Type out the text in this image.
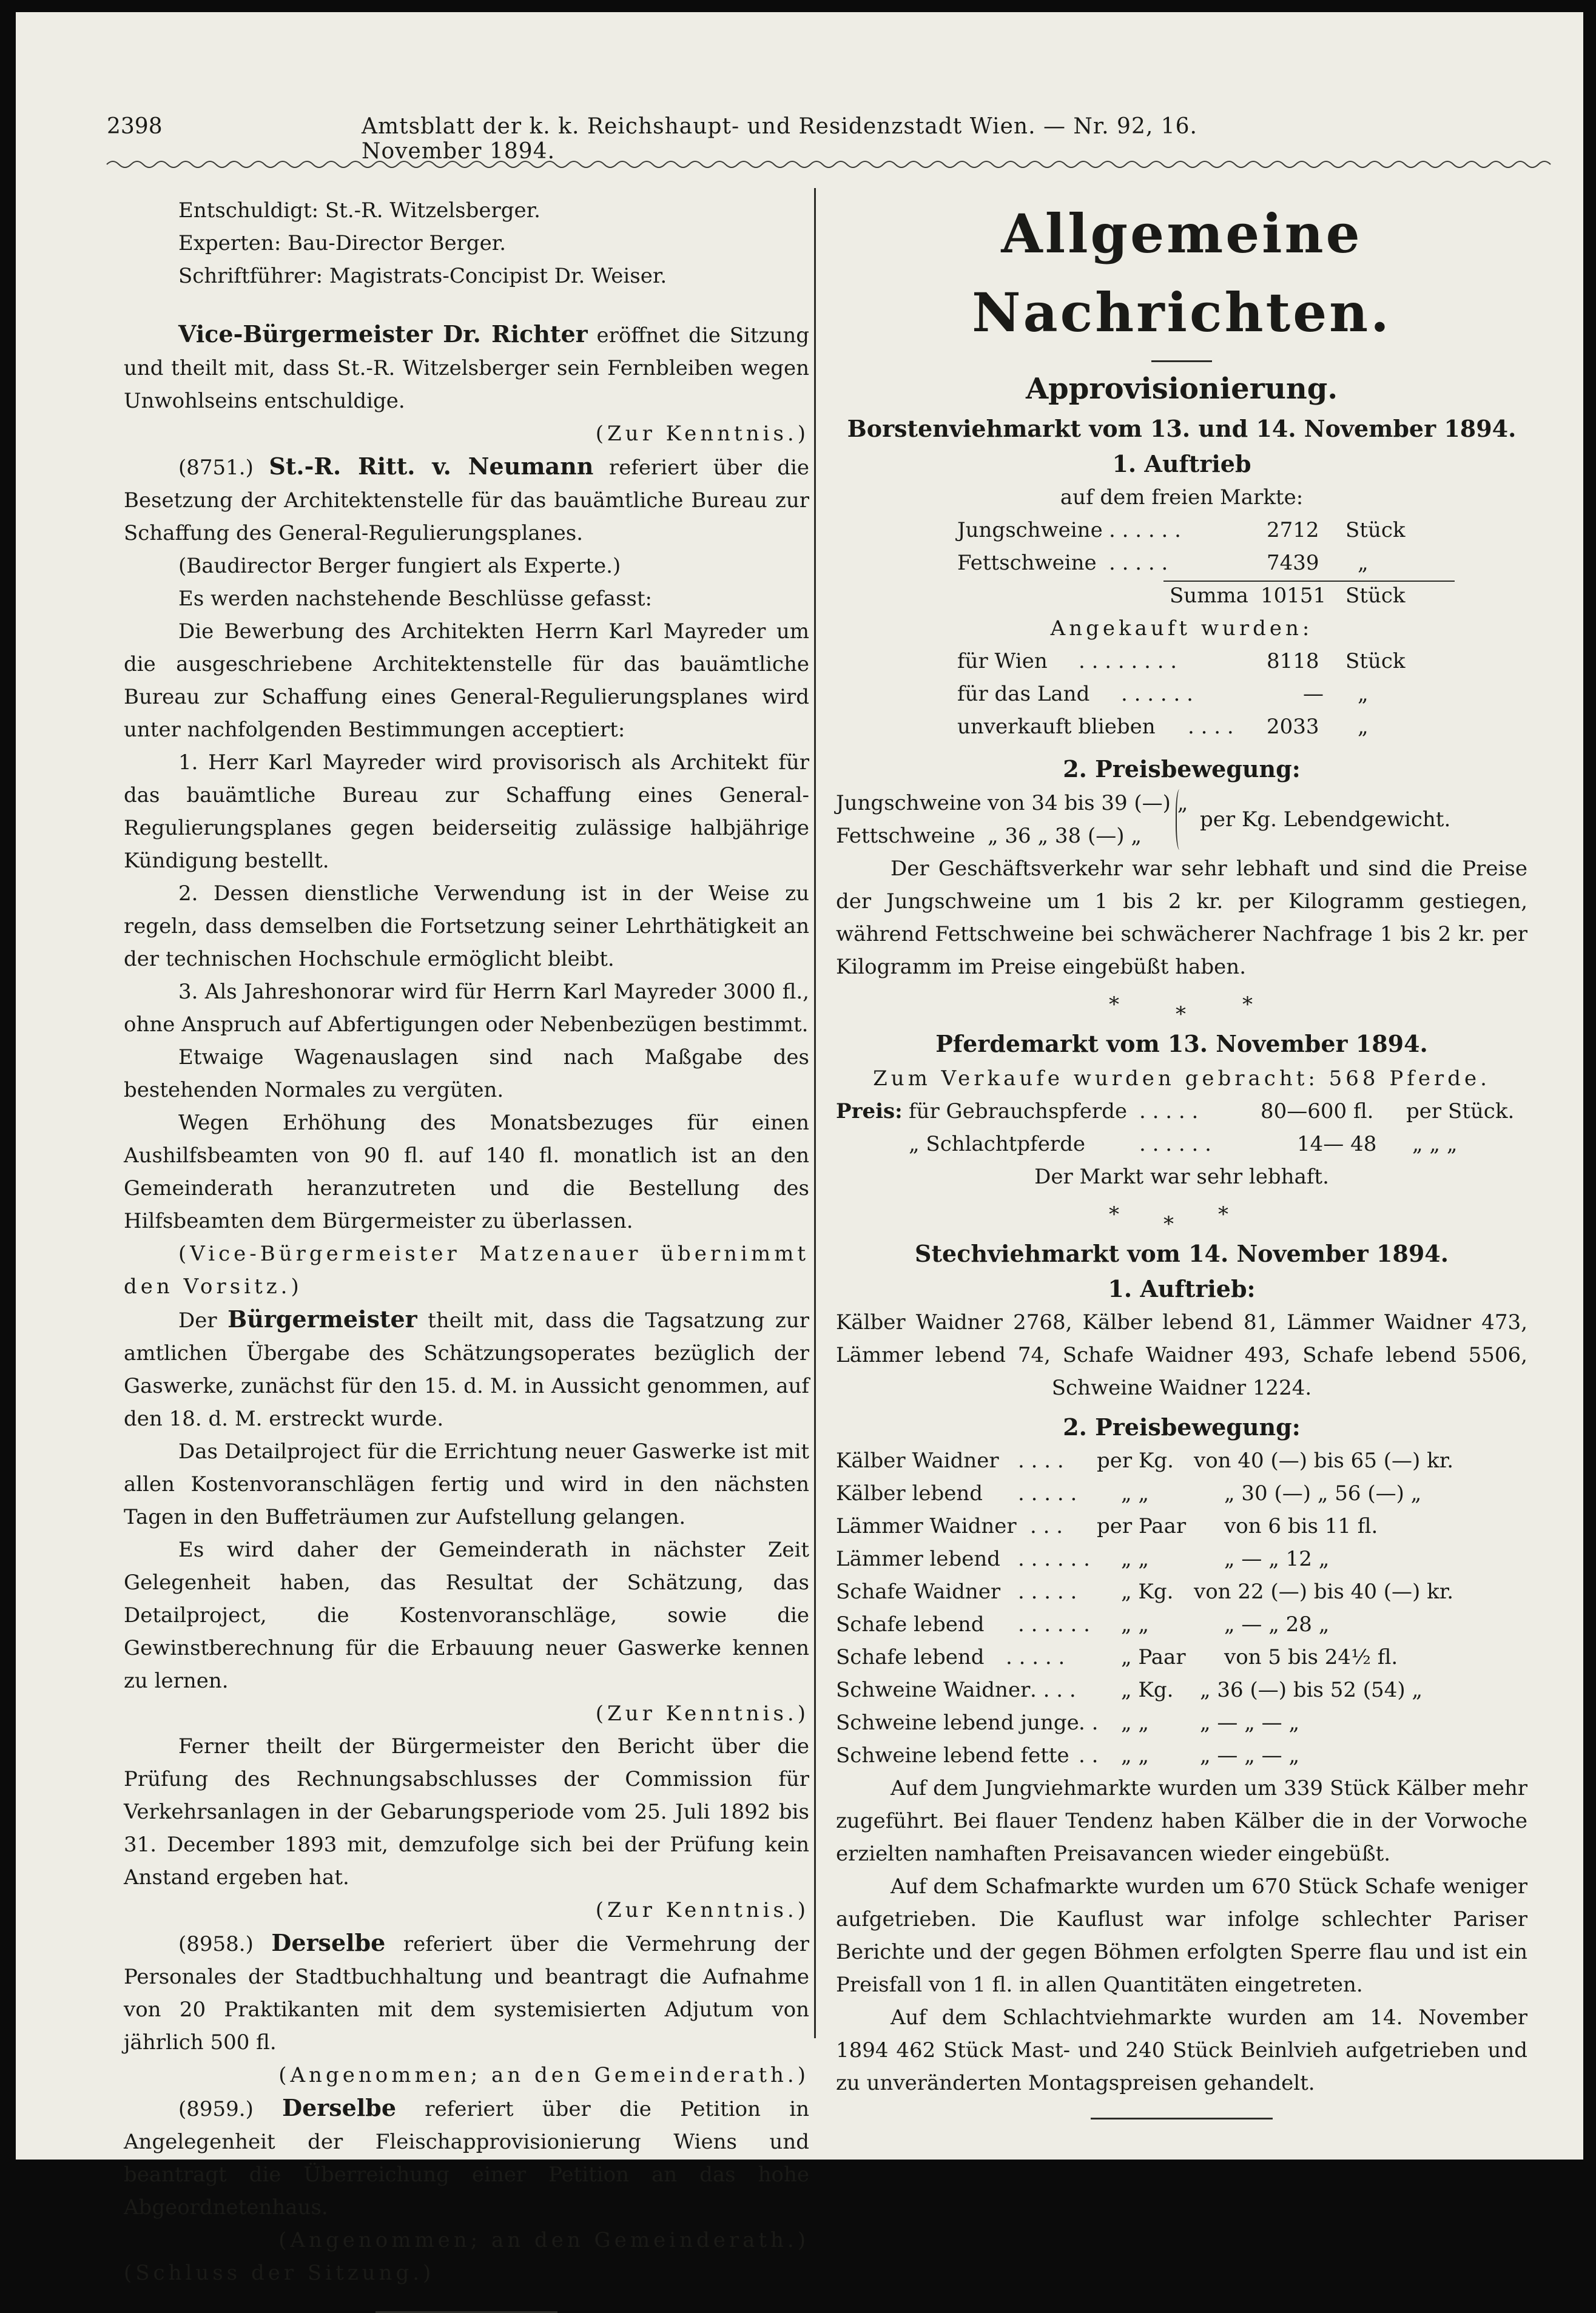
2398	Amtsblatt der k. k. Reichshaupt- und Residenzstadt Wien. — Nr. 92, 16. November 1894.

Entschuldigt: St.-R. Witzelsberger.

Experten: Bau-Director Berger.

Schriftführer: Magistrats-Concipist Dr. Weiser.

Vice-Bürgermeister Dr. Richter eröffnet die Sitzung und theilt mit, dass St.-R. Witzelsberger sein Fernbleiben wegen Unwohlseins entschuldige.

(Zur Kenntnis.)

(8751.) St.-R. Ritt. v. Neumann referiert über die Besetzung der Architektenstelle für das bauämtliche Bureau zur Schaffung des General-Regulierungsplanes.

(Baudirector Berger fungiert als Experte.)

Es werden nachstehende Beschlüsse gefasst:

Die Bewerbung des Architekten Herrn Karl Mayreder um die ausgeschriebene Architektenstelle für das bauämtliche Bureau zur Schaffung eines General-Regulierungsplanes wird unter nachfolgenden Bestimmungen acceptiert:

1. Herr Karl Mayreder wird provisorisch als Architekt für das bauämtliche Bureau zur Schaffung eines General-Regulierungsplanes gegen beiderseitig zulässige halbjährige Kündigung bestellt.

2. Dessen dienstliche Verwendung ist in der Weise zu regeln, dass demselben die Fortsetzung seiner Lehrthätigkeit an der technischen Hochschule ermöglicht bleibt.

3. Als Jahreshonorar wird für Herrn Karl Mayreder 3000 fl., ohne Anspruch auf Abfertigungen oder Nebenbezügen bestimmt.

Etwaige Wagenauslagen sind nach Maßgabe des bestehenden Normales zu vergüten.

Wegen Erhöhung des Monatsbezuges für einen Aushilfsbeamten von 90 fl. auf 140 fl. monatlich ist an den Gemeinderath heranzutreten und die Bestellung des Hilfsbeamten dem Bürgermeister zu überlassen.

(Vice-Bürgermeister Matzenauer übernimmt den Vorsitz.)

Der Bürgermeister theilt mit, dass die Tagsatzung zur amtlichen Übergabe des Schätzungsoperates bezüglich der Gaswerke, zunächst für den 15. d. M. in Aussicht genommen, auf den 18. d. M. erstreckt wurde.

Das Detailproject für die Errichtung neuer Gaswerke ist mit allen Kostenvoranschlägen fertig und wird in den nächsten Tagen in den Buffeträumen zur Aufstellung gelangen.

Es wird daher der Gemeinderath in nächster Zeit Gelegenheit haben, das Resultat der Schätzung, das Detailproject, die Kostenvoranschläge, sowie die Gewinstberechnung für die Erbauung neuer Gaswerke kennen zu lernen.

(Zur Kenntnis.)

Ferner theilt der Bürgermeister den Bericht über die Prüfung des Rechnungsabschlusses der Commission für Verkehrsanlagen in der Gebarungsperiode vom 25. Juli 1892 bis 31. December 1893 mit, demzufolge sich bei der Prüfung kein Anstand ergeben hat.

(Zur Kenntnis.)

(8958.) Derselbe referiert über die Vermehrung der Personales der Stadtbuchhaltung und beantragt die Aufnahme von 20 Praktikanten mit dem systemisierten Adjutum von jährlich 500 fl.

(Angenommen; an den Gemeinderath.)

(8959.) Derselbe referiert über die Petition in Angelegenheit der Fleischapprovisionierung Wiens und beantragt die Überreichung einer Petition an das hohe Abgeordnetenhaus.

(Angenommen; an den Gemeinderath.)

(Schluss der Sitzung.)

Allgemeine Nachrichten.
Approvisionierung.
Borstenviehmarkt vom 13. und 14. November 1894.
1. Auftrieb

auf dem freien Markte:

Jungschweine . . . . . .	2712 Stück
Fettschweine . . . . .	7439 „
Summa 10151 Stück

Angekauft wurden:

für Wien . . . . . . . .	8118 Stück
für das Land . . . . . .	— „
unverkauft blieben . . . . 2033 „
2. Preisbewegung:
Jungschweine von 34 bis 39 (—) „
Fettschweine „ 36 „ 38 (—) „
per Kg. Lebendgewicht.

Der Geschäftsverkehr war sehr lebhaft und sind die Preise der Jungschweine um 1 bis 2 kr. per Kilogramm gestiegen, während Fettschweine bei schwächerer Nachfrage 1 bis 2 kr. per Kilogramm im Preise eingebüßt haben.

*	*	*
Pferdemarkt vom 13. November 1894.

Zum Verkaufe wurden gebracht: 568 Pferde.

Preis: für Gebrauchspferde . . . . .	80—600 fl. per Stück.
„ Schlachtpferde	. . . . . .	14— 48 „ „ „

Der Markt war sehr lebhaft.

* * *
Stechviehmarkt vom 14. November 1894.
1. Auftrieb:

Kälber Waidner 2768, Kälber lebend 81, Lämmer Waidner 473, Lämmer lebend 74, Schafe Waidner 493, Schafe lebend 5506, Schweine Waidner 1224.

2. Preisbewegung:
Kälber Waidner . . . . per Kg. von 40 (—) bis 65 (—) kr.
Kälber lebend . . . . . „ „	„ 30 (—) „ 56 (—) „
Lämmer Waidner . . . per Paar von 6 bis 11 fl.
Lämmer lebend . . . . . . „ „	„ — „ 12 „
Schafe Waidner . . . . . „ Kg. von 22 (—) bis 40 (—) kr.
Schafe lebend . . . . . . „ „	„ — „ 28 „
Schafe lebend . . . . .	„ Paar von 5 bis 24½ fl.
Schweine Waidner . . . . „ Kg. „ 36 (—) bis 52 (54) „
Schweine lebend junge . . „ „ „ — „ — „
Schweine lebend fette . . „ „ „ — „ — „

Auf dem Jungviehmarkte wurden um 339 Stück Kälber mehr zugeführt. Bei flauer Tendenz haben Kälber die in der Vorwoche erzielten namhaften Preisavancen wieder eingebüßt.

Auf dem Schafmarkte wurden um 670 Stück Schafe weniger aufgetrieben. Die Kauflust war infolge schlechter Pariser Berichte und der gegen Böhmen erfolgten Sperre flau und ist ein Preisfall von 1 fl. in allen Quantitäten eingetreten.

Auf dem Schlachtviehmarkte wurden am 14. November 1894 462 Stück Mast- und 240 Stück Beinlvieh aufgetrieben und zu unveränderten Montagspreisen gehandelt.
